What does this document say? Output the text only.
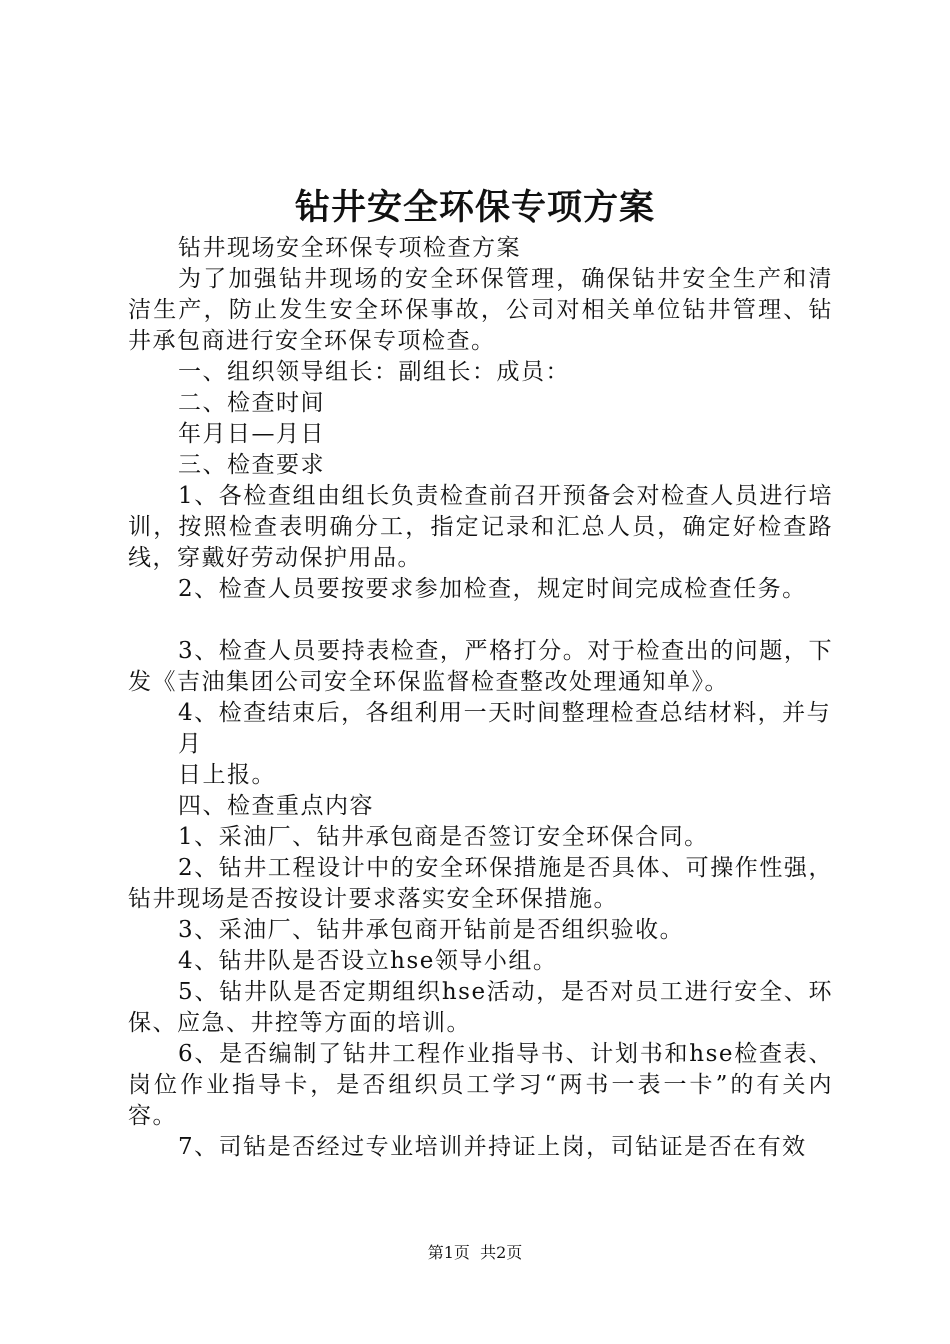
钻井安全环保专项方案

钻井现场安全环保专项检查方案

为了加强钻井现场的安全环保管理，确保钻井安全生产和清洁生产，防止发生安全环保事故，公司对相关单位钻井管理、钻井承包商进行安全环保专项检查。

一、组织领导组长：副组长：成员：

二、检查时间

年月日—月日

三、检查要求

1、各检查组由组长负责检查前召开预备会对检查人员进行培训，按照检查表明确分工，指定记录和汇总人员，确定好检查路线，穿戴好劳动保护用品。

2、检查人员要按要求参加检查，规定时间完成检查任务。

3、检查人员要持表检查，严格打分。对于检查出的问题，下发《吉油集团公司安全环保监督检查整改处理通知单》。

4、检查结束后，各组利用一天时间整理检查总结材料，并与

月

日上报。

四、检查重点内容

1、采油厂、钻井承包商是否签订安全环保合同。

2、钻井工程设计中的安全环保措施是否具体、可操作性强，钻井现场是否按设计要求落实安全环保措施。

3、采油厂、钻井承包商开钻前是否组织验收。

4、钻井队是否设立hse领导小组。

5、钻井队是否定期组织hse活动，是否对员工进行安全、环保、应急、井控等方面的培训。

6、是否编制了钻井工程作业指导书、计划书和hse检查表、岗位作业指导卡，是否组织员工学习“两书一表一卡”的有关内容。

7、司钻是否经过专业培训并持证上岗，司钻证是否在有效

第1页  共2页
